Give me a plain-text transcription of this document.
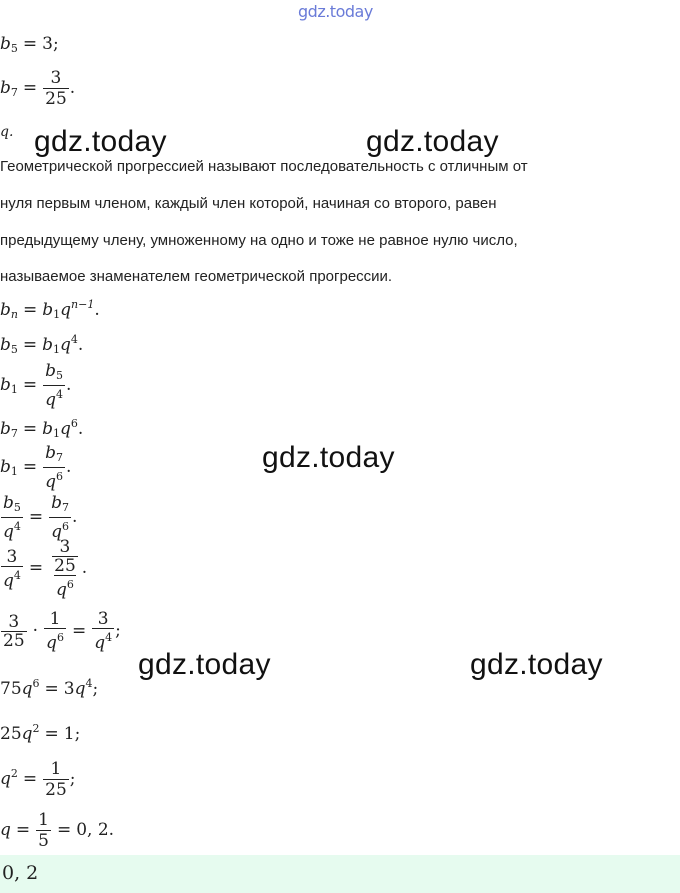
gdz.today
gdz.today	gdz.today
gdz.today
gdz.today	gdz.today
$b_5 = 3$;
$b_7 = \frac{3}{25}$ .
q.
Геометрической прогрессией называют последовательность с отличным от
нуля первым членом, каждый член которой, начиная со второго, равен
предыдущему члену, умноженному на одно и тоже не равное нулю число,
называемое знаменателем геометрической прогрессии.
$b_n = b_1q^{n-1}$.
$b_5 = b_1q^4$.
$b_1 = \frac{b_5}{q^4}$ .
$b_7 = b_1q^6$.
$b_1 = \frac{b_7}{q^6}$ .
$\frac{b_5}{q^4} = \frac{b_7}{q^6}$ .
$\frac{3}{q^4} = \frac{\frac{3}{25}}{q^6}$ .
$\frac{3}{25} \cdot \frac{1}{q^6} = \frac{3}{q^4}$ ;
$75q^6 = 3q^4$;
$25q^2 = 1$;
$q^2 = \frac{1}{25}$ ;
$q = \frac{1}{5} = 0$, 2.
0, 2
